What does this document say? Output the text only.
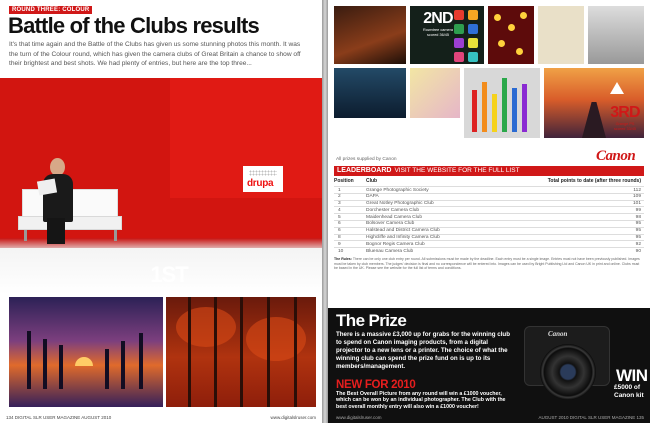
ROUND THREE: COLOUR
Battle of the Clubs results

It's that time again and the Battle of the Clubs has given us some stunning photos this month. It was the turn of the Colour round, which has given the camera clubs of Great Britain a chance to show off their brightest and best shots. We had plenty of entries, but here are the top three...

drupa
1ST
DAPA
134 DIGITAL SLR USER MAGAZINE AUGUST 2010	www.digitalslruser.com
2ND
Rowntree camera
scored 36/45
3RD
Grange PS
scored 33/45
All prizes supplied by Canon	Canon
LEADERBOARD VISIT THE WEBSITE FOR THE FULL LIST
Position Club	Total points to date (after three rounds)
1	Grange Photographic Society	112
2	DAPA	109
3	Great Notley Photographic Club	101
4	Dorchester Camera Club	99
5	Maidenhead Camera Club	98
6	Bolsover Camera Club	95
6	Halstead and District Camera Club	95
8	Highcliffe and Infinity Camera Club	95
9	Bognor Regis Camera Club	92
10	Bluenau Camera Club	90

The Rules: There can be only one club entry per round. All submissions must be made by the deadline. Each entry must be a single image. Entries must not have been previously published. Images must be taken by club members. The judges' decision is final and no correspondence will be entered into. Images can be used by Bright Publishing Ltd and Canon UK in print and online. Clubs must be based in the UK. Please see the website for the full list of terms and conditions.

The Prize

There is a massive £3,000 up for grabs for the winning club to spend on Canon imaging products, from a digital projector to a new lens or a printer. The choice of what the winning club can spend the prize fund on is up to its members/management.

NEW FOR 2010

The Best Overall Picture from any round will win a £1000 voucher, which can be won by an individual photographer. The Club with the best overall monthly entry will also win a £1000 voucher!

Canon
WIN
£5000 of
Canon kit
www.digitalslruser.com	AUGUST 2010 DIGITAL SLR USER MAGAZINE 135
